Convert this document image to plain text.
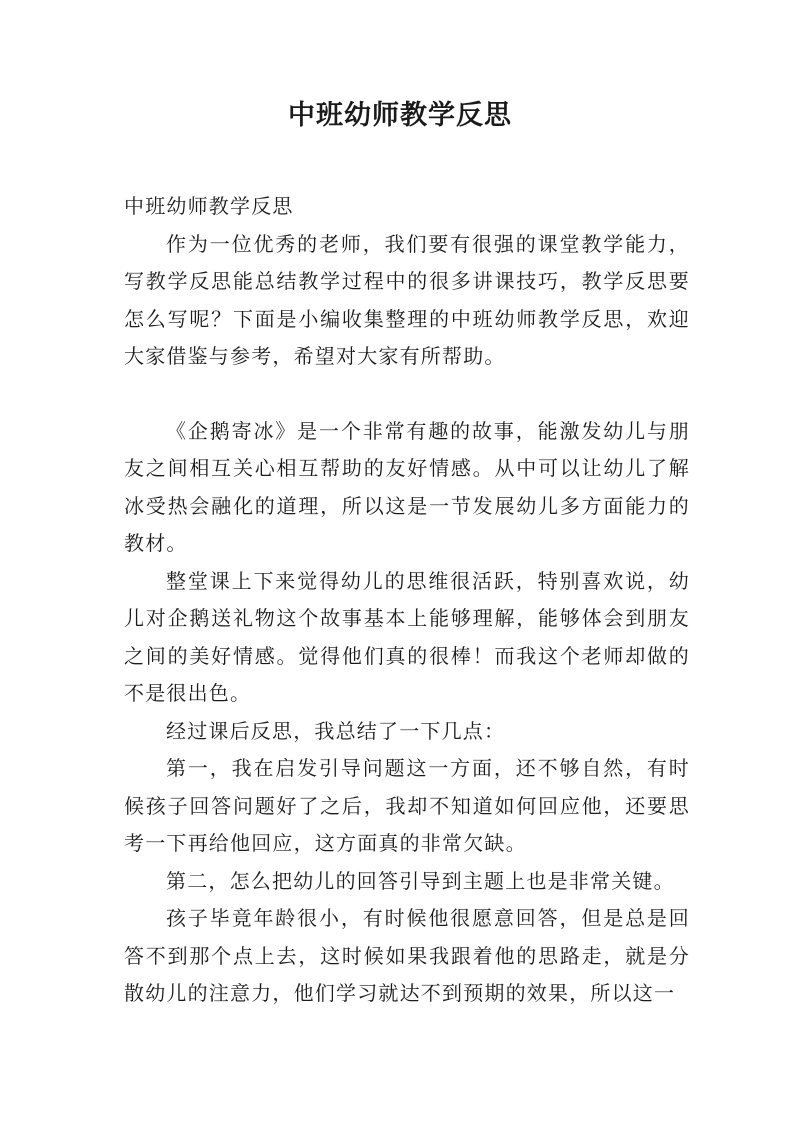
中班幼师教学反思

中班幼师教学反思

作为一位优秀的老师，我们要有很强的课堂教学能力，写教学反思能总结教学过程中的很多讲课技巧，教学反思要怎么写呢？下面是小编收集整理的中班幼师教学反思，欢迎大家借鉴与参考，希望对大家有所帮助。

《企鹅寄冰》是一个非常有趣的故事，能激发幼儿与朋友之间相互关心相互帮助的友好情感。从中可以让幼儿了解冰受热会融化的道理，所以这是一节发展幼儿多方面能力的教材。

整堂课上下来觉得幼儿的思维很活跃，特别喜欢说，幼儿对企鹅送礼物这个故事基本上能够理解，能够体会到朋友之间的美好情感。觉得他们真的很棒！而我这个老师却做的不是很出色。

经过课后反思，我总结了一下几点：

第一，我在启发引导问题这一方面，还不够自然，有时候孩子回答问题好了之后，我却不知道如何回应他，还要思考一下再给他回应，这方面真的非常欠缺。

第二，怎么把幼儿的回答引导到主题上也是非常关键。

孩子毕竟年龄很小，有时候他很愿意回答，但是总是回答不到那个点上去，这时候如果我跟着他的思路走，就是分散幼儿的注意力，他们学习就达不到预期的效果，所以这一
